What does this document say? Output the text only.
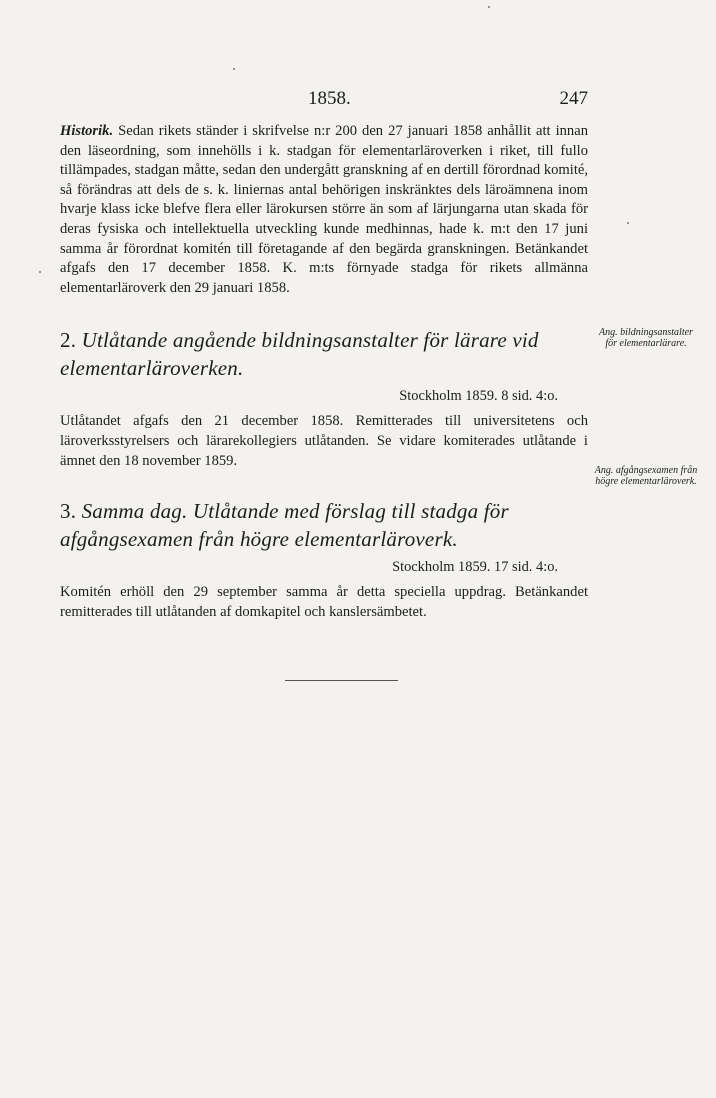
1858.	247

Historik. Sedan rikets ständer i skrifvelse n:r 200 den 27 januari 1858 anhållit att innan den läseordning, som innehölls i k. stadgan för elementarläroverken i riket, till fullo tillämpades, stadgan måtte, sedan den undergått granskning af en dertill förordnad komité, så förändras att dels de s. k. liniernas antal behörigen inskränktes dels läroämnena inom hvarje klass icke blefve flera eller lärokursen större än som af lärjungarna utan skada för deras fysiska och intellektuella utveckling kunde medhinnas, hade k. m:t den 17 juni samma år förordnat komitén till företagande af den begärda granskningen. Betänkandet afgafs den 17 december 1858. K. m:ts förnyade stadga för rikets allmänna elementarläroverk den 29 januari 1858.

2. Utlåtande angående bildningsanstalter för lärare vid elementarläroverken.

Stockholm 1859. 8 sid. 4:o.

Utlåtandet afgafs den 21 december 1858. Remitterades till universitetens och läroverksstyrelsers och lärarekollegiers utlåtanden. Se vidare komiterades utlåtande i ämnet den 18 november 1859.

3. Samma dag. Utlåtande med förslag till stadga för afgångsexamen från högre elementarläroverk.

Stockholm 1859. 17 sid. 4:o.

Komitén erhöll den 29 september samma år detta speciella uppdrag. Betänkandet remitterades till utlåtanden af domkapitel och kanslersämbetet.

Ang. bildningsanstalter för elementarlärare.
Ang. afgångsexamen från högre elementarläroverk.
